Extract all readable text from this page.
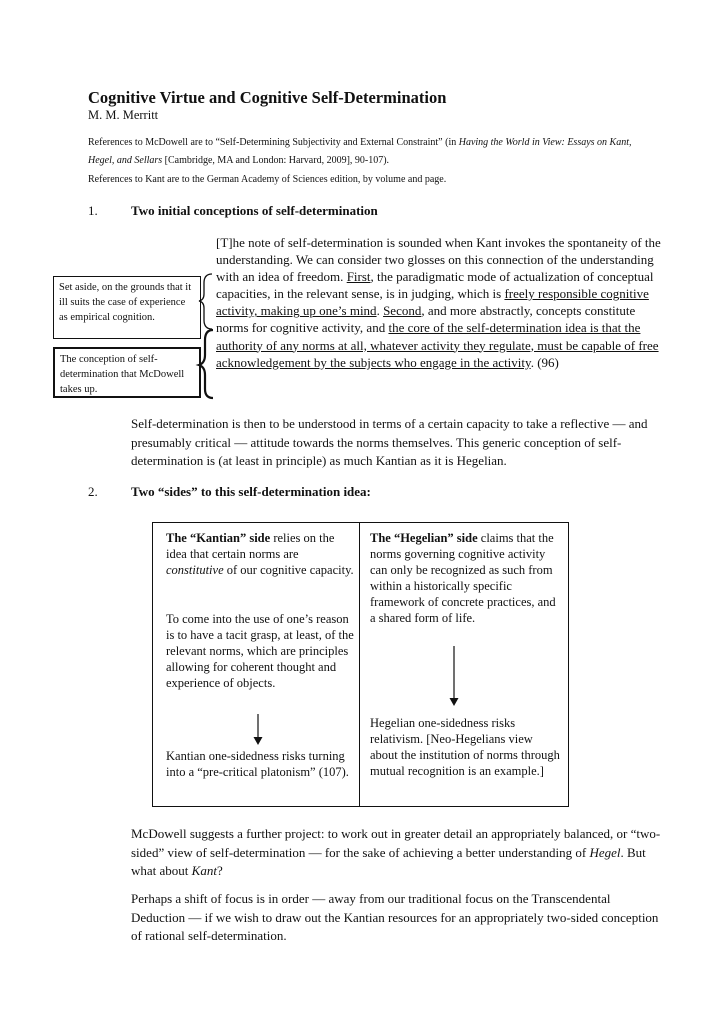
Cognitive Virtue and Cognitive Self-Determination
M. M. Merritt
References to McDowell are to “Self-Determining Subjectivity and External Constraint” (in Having the World in View: Essays on Kant, Hegel, and Sellars [Cambridge, MA and London: Harvard, 2009], 90-107).
References to Kant are to the German Academy of Sciences edition, by volume and page.
1.	Two initial conceptions of self-determination
[T]he note of self-determination is sounded when Kant invokes the spontaneity of the understanding. We can consider two glosses on this connection of the understanding with an idea of freedom. First, the paradigmatic mode of actualization of conceptual capacities, in the relevant sense, is in judging, which is freely responsible cognitive activity, making up one’s mind. Second, and more abstractly, concepts constitute norms for cognitive activity, and the core of the self-determination idea is that the authority of any norms at all, whatever activity they regulate, must be capable of free acknowledgement by the subjects who engage in the activity. (96)
Set aside, on the grounds that it ill suits the case of experience as empirical cognition.
The conception of self-determination that McDowell takes up.
Self-determination is then to be understood in terms of a certain capacity to take a reflective — and presumably critical — attitude towards the norms themselves. This generic conception of self-determination is (at least in principle) as much Kantian as it is Hegelian.
2.	Two “sides” to this self-determination idea:
The “Kantian” side relies on the idea that certain norms are constitutive of our cognitive capacity.
To come into the use of one’s reason is to have a tacit grasp, at least, of the relevant norms, which are principles allowing for coherent thought and experience of objects.
Kantian one-sidedness risks turning into a “pre-critical platonism” (107).
The “Hegelian” side claims that the norms governing cognitive activity can only be recognized as such from within a historically specific framework of concrete practices, and a shared form of life.
Hegelian one-sidedness risks relativism. [Neo-Hegelians view about the institution of norms through mutual recognition is an example.]
McDowell suggests a further project: to work out in greater detail an appropriately balanced, or “two-sided” view of self-determination — for the sake of achieving a better understanding of Hegel. But what about Kant?
Perhaps a shift of focus is in order — away from our traditional focus on the Transcendental Deduction — if we wish to draw out the Kantian resources for an appropriately two-sided conception of rational self-determination.
